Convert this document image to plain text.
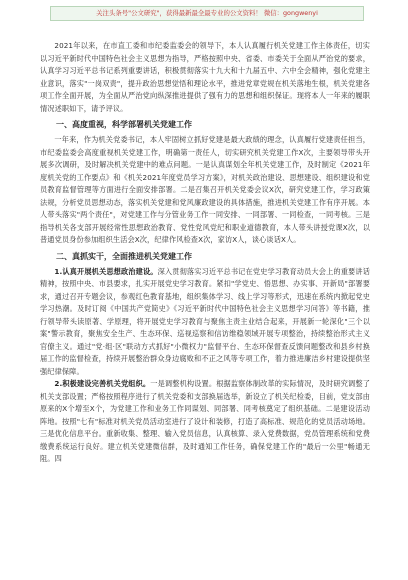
关注头条号"公文研究"，获得最新最全最专业的公文资料！ 微信：gongwenyi

2021年以来，在市直工委和市纪委监委会的领导下，本人认真履行机关党建工作主体责任，切实以习近平新时代中国特色社会主义思想为指导，严格按照中央、省委、市委关于全面从严治党的要求，认真学习习近平总书记系列重要讲话，积极贯彻落实十九大和十九届五中、六中全会精神，强化党建主业意识，落实"一岗双责"，提升政治思想觉悟和理论水平，推进党章党规在机关落地生根，机关党建各项工作全面开展，为全面从严治党向纵深推进提供了强有力的思想和组织保证。现将本人一年来的履职情况述职如下，请予评议。

一、高度重视，科学部署机关党建工作

一年来，作为机关党委书记，本人牢固树立抓好党建是最大政绩的理念，认真履行党建责任担当，市纪委监委会高度重视机关党建工作，明确第一责任人，切实研究机关党建工作X次，主要领导带头开展多次调研，及时解决机关党建中的难点问题。一是认真谋划全年机关党建工作，及时制定《2021年度机关党的工作要点》和《机关2021年度党员学习方案》，对机关政治建设、思想建设、组织建设和党员教育监督管理等方面进行全面安排部署。二是召集召开机关党委会议X次，研究党建工作，学习政策法规，分析党员思想动态，落实机关党建和党风廉政建设的具体措施，推进机关党建工作有序开展。本人带头落实"两个责任"，对党建工作与分管业务工作一同安排、一同部署、一同检查，一同考核。三是指导机关各支部开展经常性思想政治教育、党性党风党纪和职业道德教育，本人带头讲授党课X次，以普通党员身份参加组织生活会X次，纪律作风检查X次，家访X人，谈心谈话X人。

二、真抓实干，全面推进机关党建工作

1.认真开展机关思想政治建设。深入贯彻落实习近平总书记在党史学习教育动员大会上的重要讲话精神，按照中央、市县要求，扎实开展党史学习教育。紧扣"学党史、悟思想、办实事、开新局"部署要求，通过召开专题会议，参观红色教育基地，组织集体学习、线上学习等形式，迅速在系统内掀起党史学习热潮。及时订阅《中国共产党简史》《习近平新时代中国特色社会主义思想学习问答》等书籍，推行领导带头读原著、学原理，将开展党史学习教育与聚焦主责主业结合起来，开展新一轮深化"三个以案"警示教育，聚焦安全生产、生态环保、巡视巡察和信访维稳领域开展专项整治，持续整治形式主义官僚主义。通过"党·组·区"联动方式抓好"小微权力"监督平台、生态环保督查反馈问题整改和县乡村换届工作的监督检查，持续开展整治群众身边腐败和不正之风等专项工作，着力推进廉洁乡村建设提供坚强纪律保障。

2.积极建设完善机关党组织。一是调整机构设置。根据监察体制改革的实际情况，及时研究调整了机关支部设置；严格按照程序进行了机关党委和支部换届选举，新设立了机关纪检委，目前，党支部由原来的X个增至X个，为党建工作和业务工作同谋划、同部署、同考核奠定了组织基础。二是建设活动阵地。按照"七有"标准对机关党员活动室进行了设计和装修，打造了高标准、规范化的党员活动场地。三是优化信息平台。重新收集、整理、输入党员信息，认真核算、录入党费数据，党员管理系统和党费缴费系统运行良好。建立机关党建微信群，及时通知工作任务，确保党建工作的"最后一公里"畅通无阻。四
